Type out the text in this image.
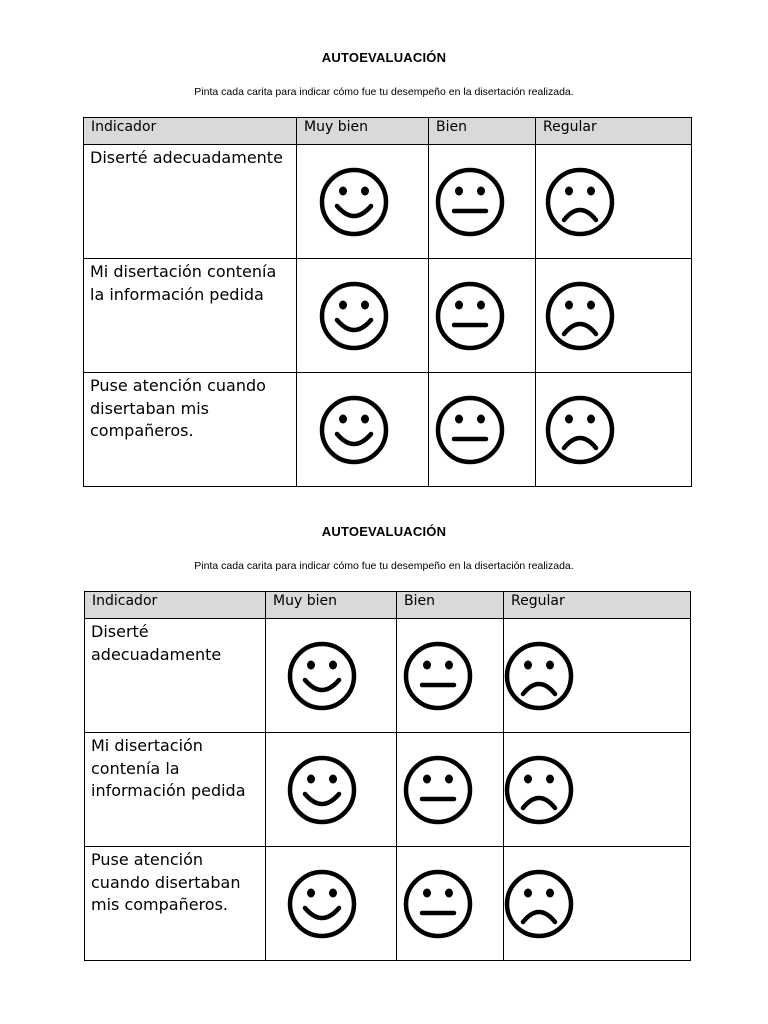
AUTOEVALUACIÓN
Pinta cada carita para indicar cómo fue tu desempeño en la disertación realizada.
Indicador	Muy bien	Bien	Regular
Diserté adecuadamente	

Mi disertación contenía la información pedida	

Puse atención cuando disertaban mis compañeros.	

AUTOEVALUACIÓN
Pinta cada carita para indicar cómo fue tu desempeño en la disertación realizada.
Indicador	Muy bien	Bien	Regular
Diserté adecuadamente	

Mi disertación contenía la información pedida	

Puse atención cuando disertaban mis compañeros.	
